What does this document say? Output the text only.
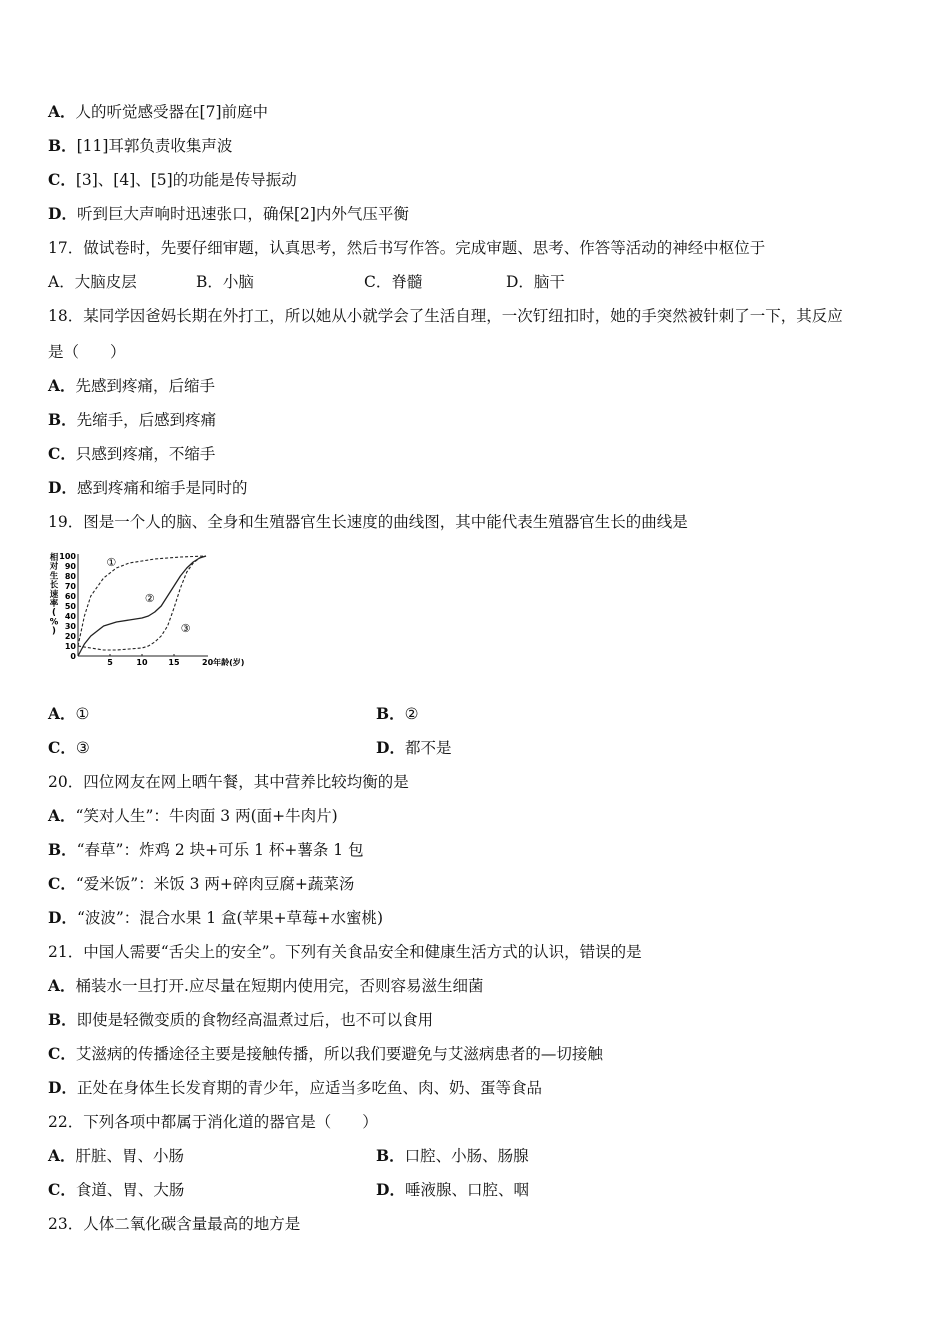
A．人的听觉感受器在[7]前庭中
B．[11]耳郭负责收集声波
C．[3]、[4]、[5]的功能是传导振动
D．听到巨大声响时迅速张口，确保[2]内外气压平衡
17．做试卷时，先要仔细审题，认真思考，然后书写作答。完成审题、思考、作答等活动的神经中枢位于
A．大脑皮层	B．小脑	C．脊髓	D．脑干
18．某同学因爸妈长期在外打工，所以她从小就学会了生活自理，一次钉纽扣时，她的手突然被针刺了一下，其反应
是（　　）
A．先感到疼痛，后缩手
B．先缩手，后感到疼痛
C．只感到疼痛，不缩手
D．感到疼痛和缩手是同时的
19．图是一个人的脑、全身和生殖器官生长速度的曲线图，其中能代表生殖器官生长的曲线是
相
对
生
长
速
率
(
%
)
0
10
20
30
40
50
60
70
80
90
100
5	10	15
①
②
③
20年龄(岁)
A．①	B．②
C．③	D．都不是
20．四位网友在网上晒午餐，其中营养比较均衡的是
A．“笑对人生”：牛肉面 3 两(面+牛肉片)
B．“春草”：炸鸡 2 块+可乐 1 杯+薯条 1 包
C．“爱米饭”：米饭 3 两+碎肉豆腐+蔬菜汤
D．“波波”：混合水果 1 盒(苹果+草莓+水蜜桃)
21．中国人需要“舌尖上的安全”。下列有关食品安全和健康生活方式的认识，错误的是
A．桶装水一旦打开.应尽量在短期内使用完，否则容易滋生细菌
B．即使是轻微变质的食物经高温煮过后，也不可以食用
C．艾滋病的传播途径主要是接触传播，所以我们要避免与艾滋病患者的—切接触
D．正处在身体生长发育期的青少年，应适当多吃鱼、肉、奶、蛋等食品
22．下列各项中都属于消化道的器官是（　　）
A．肝脏、胃、小肠	B．口腔、小肠、肠腺
C．食道、胃、大肠	D．唾液腺、口腔、咽
23．人体二氧化碳含量最高的地方是
